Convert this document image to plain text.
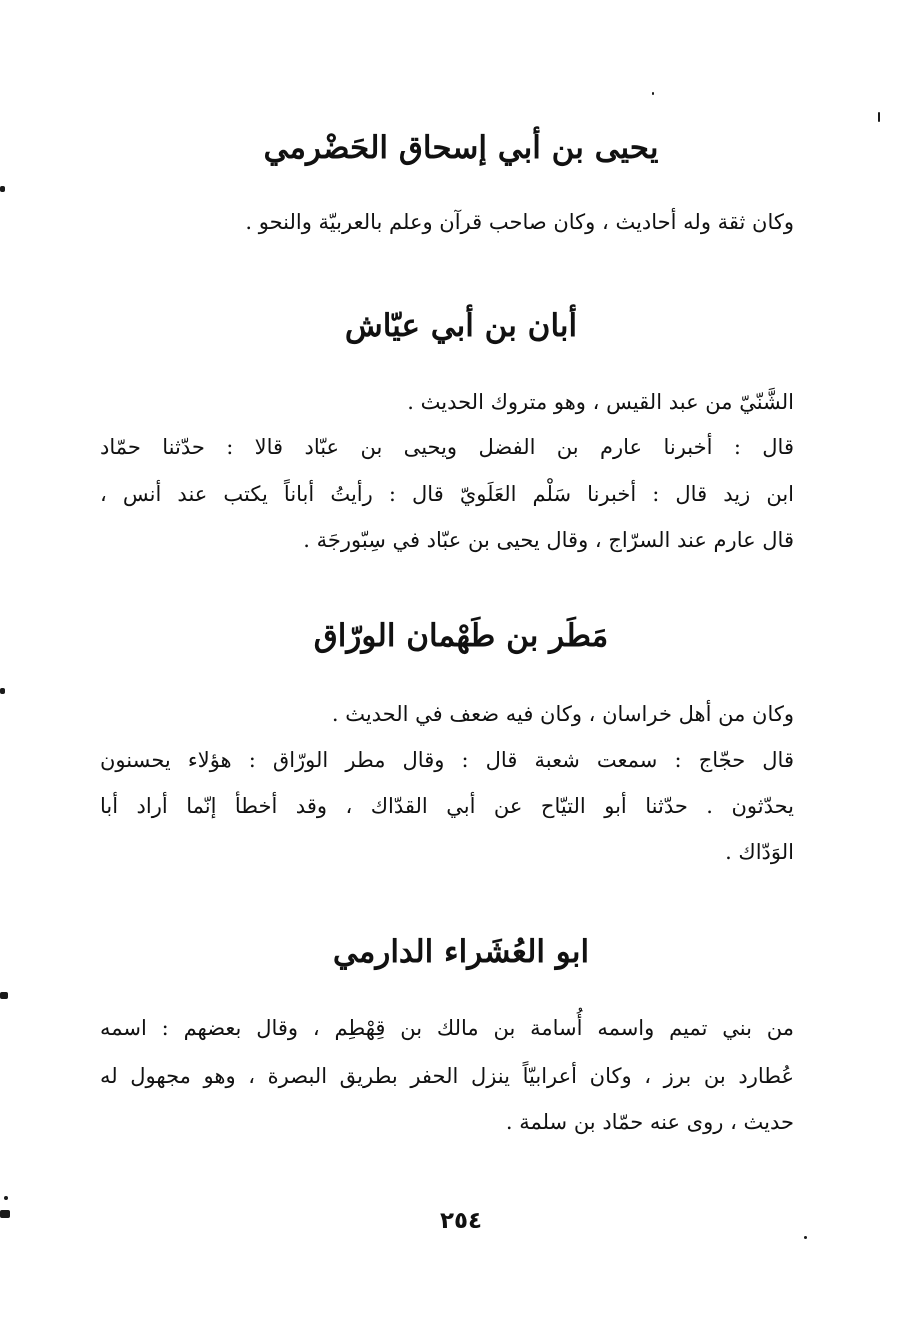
يحيى بن أبي إسحاق الحَضْرمي

وكان ثقة وله أحاديث ، وكان صاحب قرآن وعلم بالعربيّة والنحو .

أبان بن أبي عيّاش

الشَّنّيّ من عبد القيس ، وهو متروك الحديث .

قال : أخبرنا عارم بن الفضل ويحيى بن عبّاد قالا : حدّثنا حمّاد

ابن زيد قال : أخبرنا سَلْم العَلَويّ قال : رأيتُ أباناً يكتب عند أنس ،

قال عارم عند السرّاج ، وقال يحيى بن عبّاد في سِبّورجَة .

مَطَر بن طَهْمان الورّاق

وكان من أهل خراسان ، وكان فيه ضعف في الحديث .

قال حجّاج : سمعت شعبة قال : وقال مطر الورّاق : هؤلاء يحسنون

يحدّثون . حدّثنا أبو التيّاح عن أبي القدّاك ، وقد أخطأ إنّما أراد أبا

الوَدّاك .

ابو العُشَراء الدارمي

من بني تميم واسمه أُسامة بن مالك بن قِهْطِم ، وقال بعضهم : اسمه

عُطارد بن برز ، وكان أعرابيّاً ينزل الحفر بطريق البصرة ، وهو مجهول له

حديث ، روى عنه حمّاد بن سلمة .

٢٥٤
